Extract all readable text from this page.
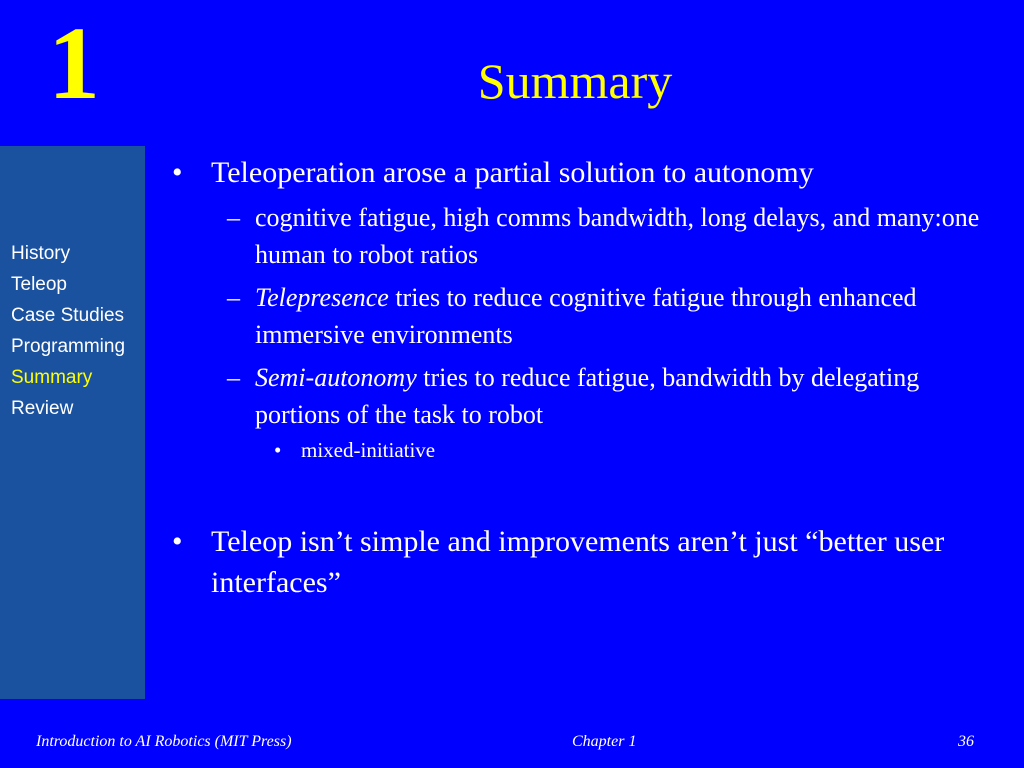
1	Summary
History
Teleop
Case Studies
Programming
Summary
Review
• Teleoperation arose a partial solution to autonomy
– cognitive fatigue, high comms bandwidth, long delays, and many:one human to robot ratios
– Telepresence tries to reduce cognitive fatigue through enhanced immersive environments
– Semi-autonomy tries to reduce fatigue, bandwidth by delegating portions of the task to robot
• mixed-initiative
• Teleop isn’t simple and improvements aren’t just “better user interfaces”
Introduction to AI Robotics (MIT Press)	Chapter 1	36
